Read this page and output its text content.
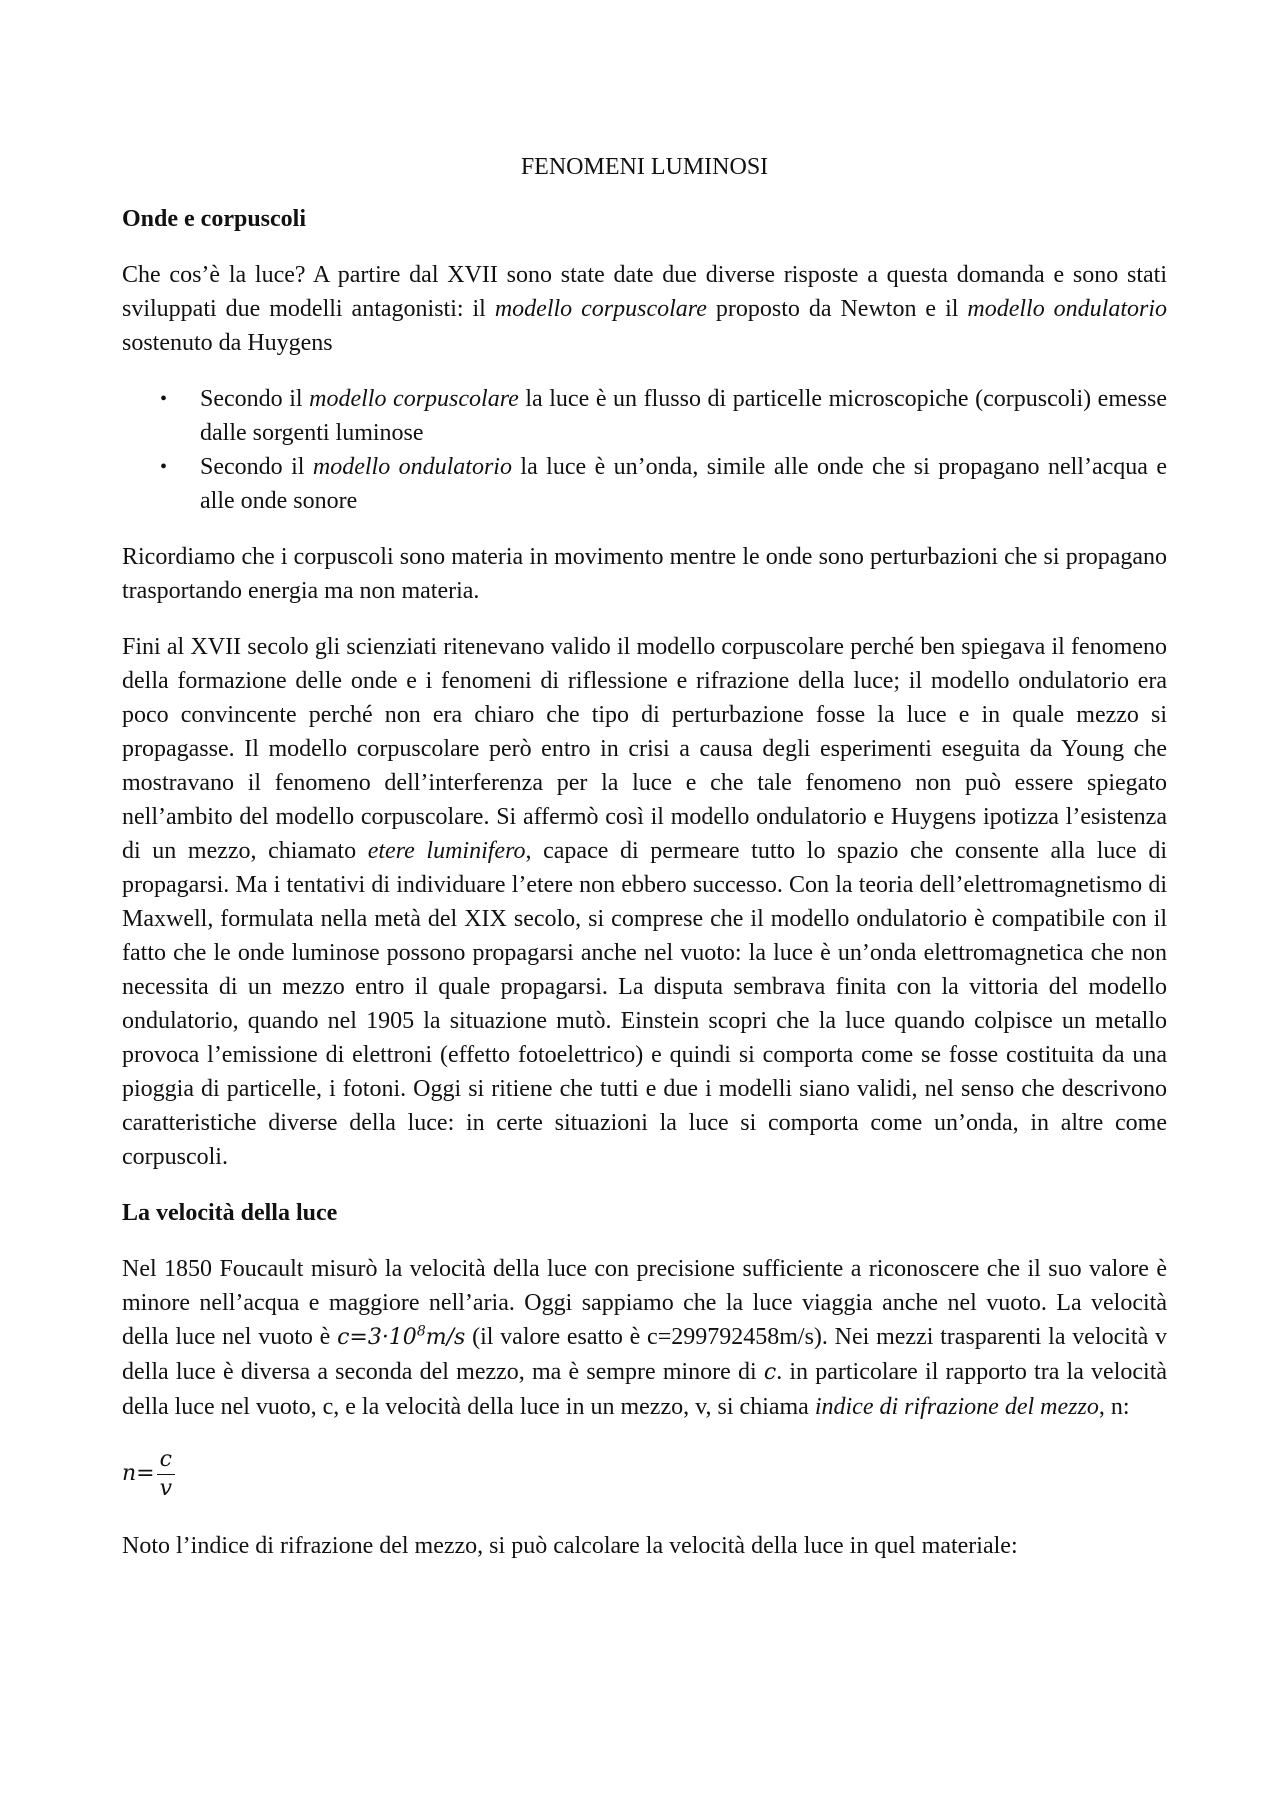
FENOMENI LUMINOSI
Onde e corpuscoli

Che cos’è la luce? A partire dal XVII sono state date due diverse risposte a questa domanda e sono stati sviluppati due modelli antagonisti: il modello corpuscolare proposto da Newton e il modello ondulatorio sostenuto da Huygens

• Secondo il modello corpuscolare la luce è un flusso di particelle microscopiche (corpuscoli) emesse dalle sorgenti luminose
• Secondo il modello ondulatorio la luce è un’onda, simile alle onde che si propagano nell’acqua e alle onde sonore

Ricordiamo che i corpuscoli sono materia in movimento mentre le onde sono perturbazioni che si propagano trasportando energia ma non materia.

Fini al XVII secolo gli scienziati ritenevano valido il modello corpuscolare perché ben spiegava il fenomeno della formazione delle onde e i fenomeni di riflessione e rifrazione della luce; il modello ondulatorio era poco convincente perché non era chiaro che tipo di perturbazione fosse la luce e in quale mezzo si propagasse. Il modello corpuscolare però entro in crisi a causa degli esperimenti eseguita da Young che mostravano il fenomeno dell’interferenza per la luce e che tale fenomeno non può essere spiegato nell’ambito del modello corpuscolare. Si affermò così il modello ondulatorio e Huygens ipotizza l’esistenza di un mezzo, chiamato etere luminifero, capace di permeare tutto lo spazio che consente alla luce di propagarsi. Ma i tentativi di individuare l’etere non ebbero successo. Con la teoria dell’elettromagnetismo di Maxwell, formulata nella metà del XIX secolo, si comprese che il modello ondulatorio è compatibile con il fatto che le onde luminose possono propagarsi anche nel vuoto: la luce è un’onda elettromagnetica che non necessita di un mezzo entro il quale propagarsi. La disputa sembrava finita con la vittoria del modello ondulatorio, quando nel 1905 la situazione mutò. Einstein scopri che la luce quando colpisce un metallo provoca l’emissione di elettroni (effetto fotoelettrico) e quindi si comporta come se fosse costituita da una pioggia di particelle, i fotoni. Oggi si ritiene che tutti e due i modelli siano validi, nel senso che descrivono caratteristiche diverse della luce: in certe situazioni la luce si comporta come un’onda, in altre come corpuscoli.

La velocità della luce

Nel 1850 Foucault misurò la velocità della luce con precisione sufficiente a riconoscere che il suo valore è minore nell’acqua e maggiore nell’aria. Oggi sappiamo che la luce viaggia anche nel vuoto. La velocità della luce nel vuoto è $c=3\cdot 10^8m/s$ (il valore esatto è c=299792458m/s). Nei mezzi trasparenti la velocità v della luce è diversa a seconda del mezzo, ma è sempre minore di c. in particolare il rapporto tra la velocità della luce nel vuoto, c, e la velocità della luce in un mezzo, v, si chiama indice di rifrazione del mezzo, n:

$n= \frac{c}{v}$

Noto l’indice di rifrazione del mezzo, si può calcolare la velocità della luce in quel materiale:
